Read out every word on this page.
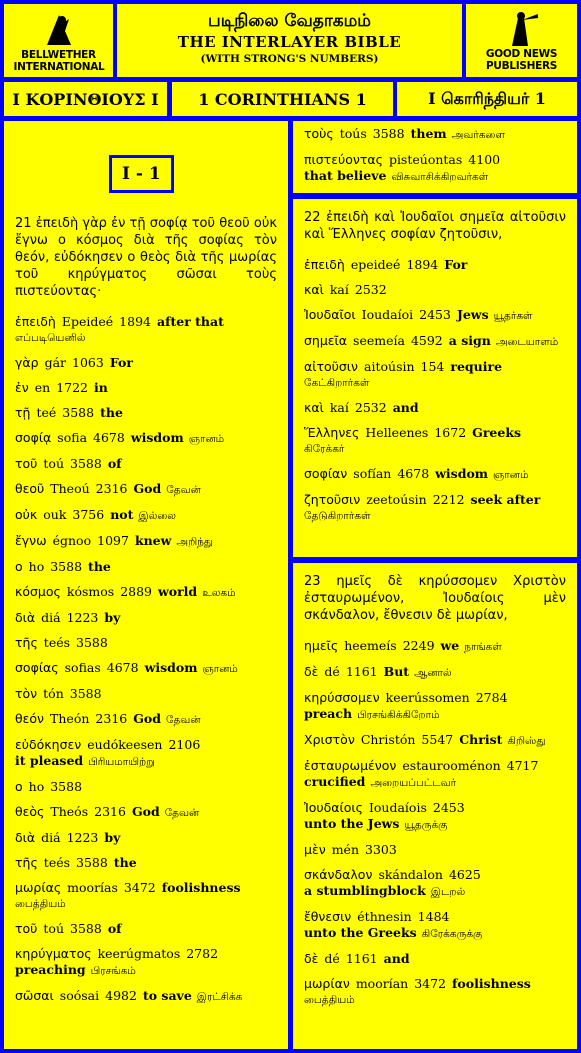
BELLWETHER INTERNATIONAL
படிநிலை வேதாகமம்
THE INTERLAYER BIBLE
(WITH STRONG'S NUMBERS)	GOOD NEWS PUBLISHERS
Ι ΚΟΡΙΝΘΙΟΥΣ Ι	1 CORINTHIANS 1	I கொரிந்தியர் 1
I - 1
21 ἐπειδὴ γὰρ ἐν τῇ σοφίᾳ τοῦ θεοῦ οὐκ ἔγνω ο κόσμος διὰ τῆς σοφίας τὸν θεόν, εὐδόκησεν ο θεὸς διὰ τῆς μωρίας τοῦ κηρύγματος σῶσαι τοὺς πιστεύοντας·
ἐπειδὴ Epeideé 1894 after that
எப்படியெனில்
γὰρ gár 1063 For
ἐν en 1722 in
τῇ teé 3588 the
σοφίᾳ sofia 4678 wisdom ஞானம்
τοῦ toú 3588 of
θεοῦ Theoú 2316 God தேவன்
οὐκ ouk 3756 not இல்லை
ἔγνω égnoo 1097 knew அறிந்து
ο ho 3588 the
κόσμος kósmos 2889 world உலகம்
διὰ diá 1223 by
τῆς teés 3588
σοφίας sofias 4678 wisdom ஞானம்
τὸν tón 3588
θεόν Theón 2316 God தேவன்
εὐδόκησεν eudókeesen 2106
it pleased பிரியமாயிற்று
ο ho 3588
θεὸς Theós 2316 God தேவன்
διὰ diá 1223 by
τῆς teés 3588 the
μωρίας moorías 3472 foolishness
பைத்தியம்
τοῦ toú 3588 of
κηρύγματος keerúgmatos 2782
preaching பிரசங்கம்
σῶσαι soósai 4982 to save இரட்சிக்க
τοὺς toús 3588 them அவர்களை
πιστεύοντας pisteúontas 4100
that believe விசுவாசிக்கிறவர்கள்
22 ἐπειδὴ καὶ Ἰουδαῖοι σημεῖα αἰτοῦσιν καὶ Ἕλληνες σοφίαν ζητοῦσιν,
ἐπειδὴ epeideé 1894 For
καὶ kaí 2532
Ἰουδαῖοι Ioudaíoi 2453 Jews யூதர்கள்
σημεῖα seemeía 4592 a sign அடையாளம்
αἰτοῦσιν aitoúsin 154 require
கேட்கிறார்கள்
καὶ kaí 2532 and
Ἕλληνες Helleenes 1672 Greeks
கிரேக்கர்
σοφίαν sofían 4678 wisdom ஞானம்
ζητοῦσιν zeetoúsin 2212 seek after
தேடுகிறார்கள்
23 ημεῖς δὲ κηρύσσομεν Χριστὸν ἐσταυρωμένον, Ἰουδαίοις μὲν σκάνδαλον, ἔθνεσιν δὲ μωρίαν,
ημεῖς heemeís 2249 we நாங்கள்
δὲ dé 1161 But ஆனால்
κηρύσσομεν keerússomen 2784
preach பிரசங்கிக்கிறோம்
Χριστὸν Christón 5547 Christ கிறிஸ்து
ἐσταυρωμένον estaurooménon 4717
crucified அறையப்பட்டவர்
Ἰουδαίοις Ioudaíois 2453
unto the Jews யூதருக்கு
μὲν mén 3303
σκάνδαλον skándalon 4625
a stumblingblock இடறல்
ἔθνεσιν éthnesin 1484
unto the Greeks கிரேக்கருக்கு
δὲ dé 1161 and
μωρίαν moorían 3472 foolishness
பைத்தியம்
